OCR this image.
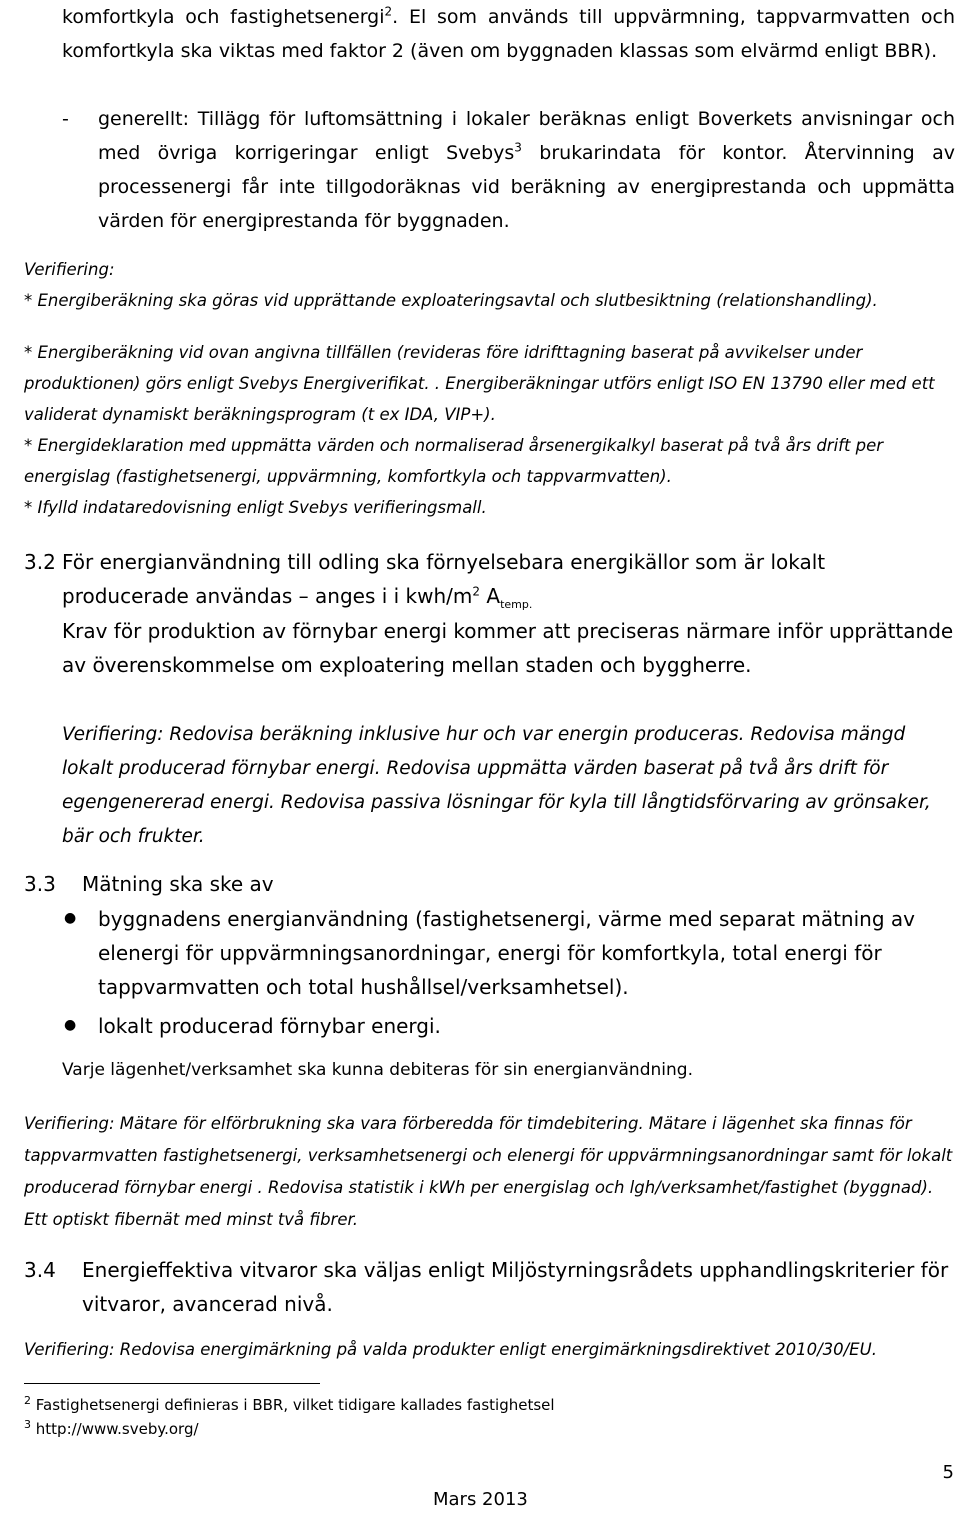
komfortkyla och fastighetsenergi$^2$. El som används till uppvärmning, tappvarmvatten och komfortkyla ska viktas med faktor 2 (även om byggnaden klassas som elvärmd enligt BBR).

- generellt: Tillägg för luftomsättning i lokaler beräknas enligt Boverkets anvisningar och med övriga korrigeringar enligt Svebys$^3$ brukarindata för kontor. Återvinning av processenergi får inte tillgodoräknas vid beräkning av energiprestanda och uppmätta värden för energiprestanda för byggnaden.

Verifiering:
* Energiberäkning ska göras vid upprättande exploateringsavtal och slutbesiktning (relationshandling).
* Energiberäkning vid ovan angivna tillfällen (revideras före idrifttagning baserat på avvikelser under produktionen) görs enligt Svebys Energiverifikat. . Energiberäkningar utförs enligt ISO EN 13790 eller med ett validerat dynamiskt beräkningsprogram (t ex IDA, VIP+).
* Energideklaration med uppmätta värden och normaliserad årsenergikalkyl baserat på två års drift per energislag (fastighetsenergi, uppvärmning, komfortkyla och tappvarmvatten).
* Ifylld indataredovisning enligt Svebys verifieringsmall.
3.2 För energianvändning till odling ska förnyelsebara energikällor som är lokalt producerade användas – anges i i kwh/$m^2$ $A_{temp.}$
Krav för produktion av förnybar energi kommer att preciseras närmare inför upprättande av överenskommelse om exploatering mellan staden och byggherre.
Verifiering: Redovisa beräkning inklusive hur och var energin produceras. Redovisa mängd lokalt producerad förnybar energi. Redovisa uppmätta värden baserat på två års drift för egengenererad energi. Redovisa passiva lösningar för kyla till långtidsförvaring av grönsaker, bär och frukter.
3.3 Mätning ska ske av
● byggnadens energianvändning (fastighetsenergi, värme med separat mätning av elenergi för uppvärmningsanordningar, energi för komfortkyla, total energi för tappvarmvatten och total hushållsel/verksamhetsel).
● lokalt producerad förnybar energi.
Varje lägenhet/verksamhet ska kunna debiteras för sin energianvändning.
Verifiering: Mätare för elförbrukning ska vara förberedda för timdebitering. Mätare i lägenhet ska finnas för tappvarmvatten fastighetsenergi, verksamhetsenergi och elenergi för uppvärmningsanordningar samt för lokalt producerad förnybar energi . Redovisa statistik i kWh per energislag och lgh/verksamhet/fastighet (byggnad). Ett optiskt fibernät med minst två fibrer.
3.4 Energieffektiva vitvaror ska väljas enligt Miljöstyrningsrådets upphandlingskriterier för vitvaror, avancerad nivå.
Verifiering: Redovisa energimärkning på valda produkter enligt energimärkningsdirektivet 2010/30/EU.
$^2$ Fastighetsenergi definieras i BBR, vilket tidigare kallades fastighetsel
$^3$ http://www.sveby.org/
5
Mars 2013
